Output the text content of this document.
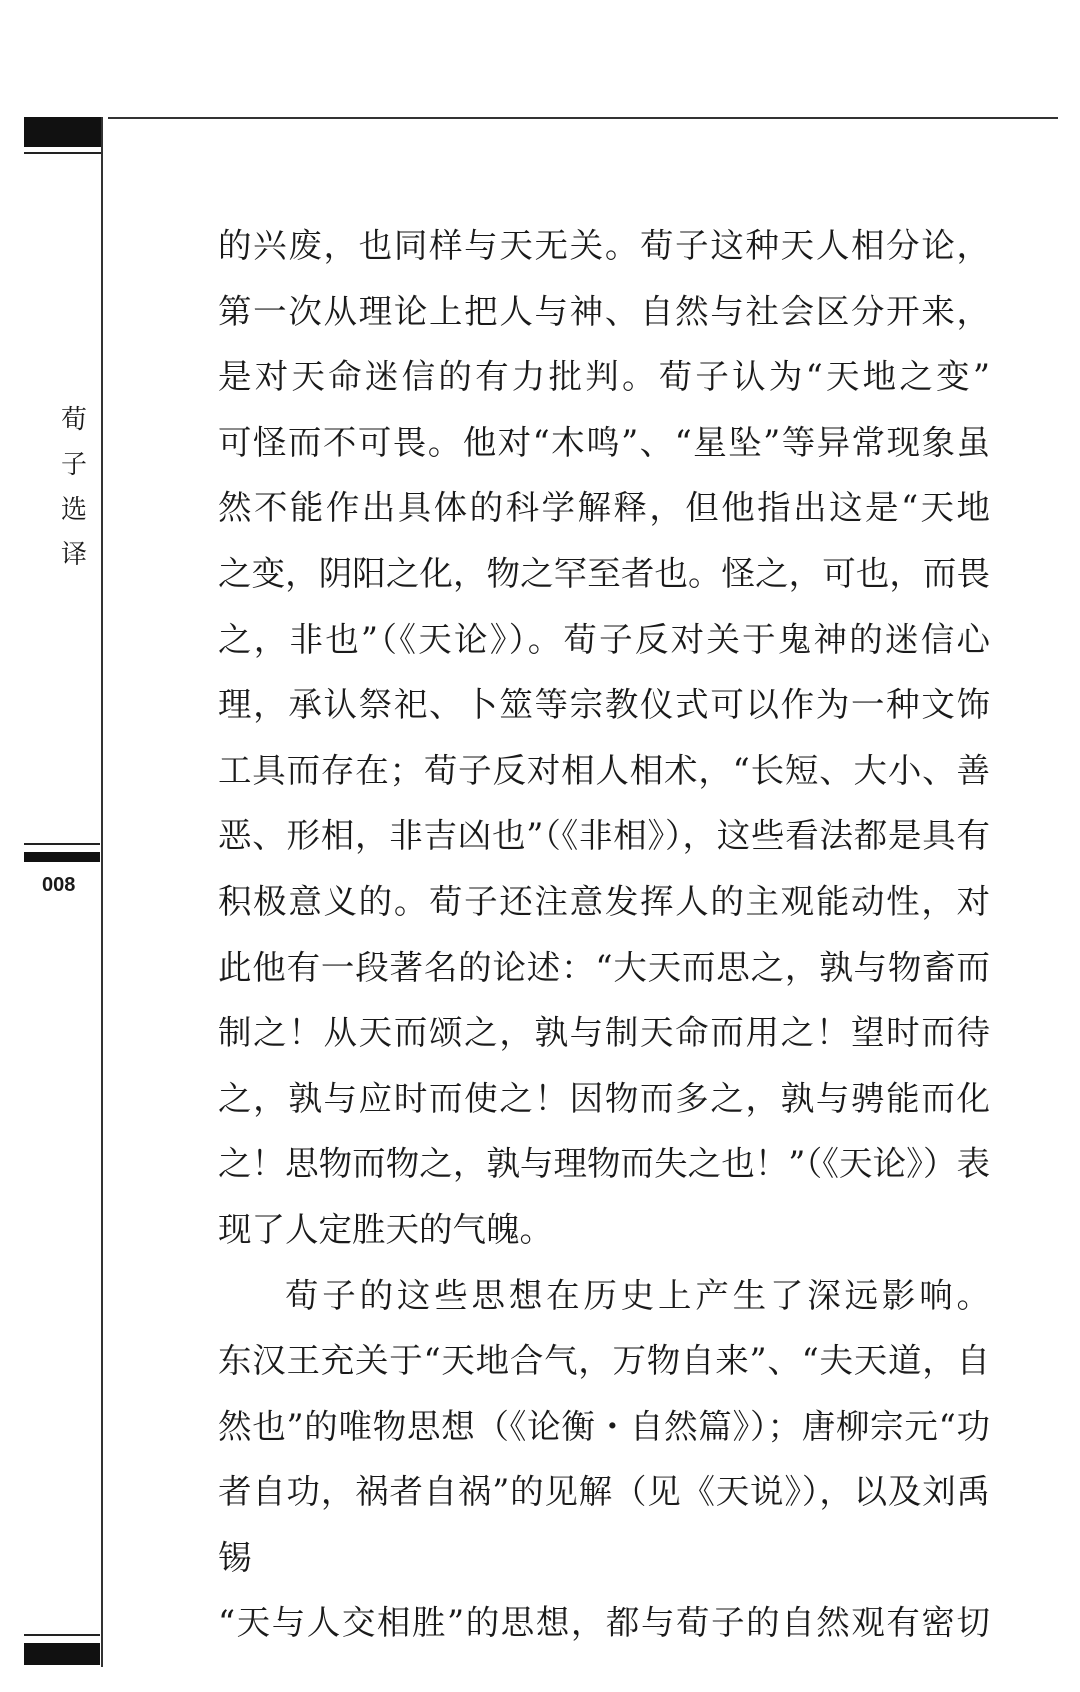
荀
子
选
译
008

的兴废，也同样与天无关。荀子这种天人相分论，

第一次从理论上把人与神、自然与社会区分开来，

是对天命迷信的有力批判。荀子认为“天地之变”

可怪而不可畏。他对“木鸣”、“星坠”等异常现象虽

然不能作出具体的科学解释，但他指出这是“天地

之变，阴阳之化，物之罕至者也。怪之，可也，而畏

之，非也”（《天论》）。荀子反对关于鬼神的迷信心

理，承认祭祀、卜筮等宗教仪式可以作为一种文饰

工具而存在；荀子反对相人相术，“长短、大小、善

恶、形相，非吉凶也”（《非相》），这些看法都是具有

积极意义的。荀子还注意发挥人的主观能动性，对

此他有一段著名的论述：“大天而思之，孰与物畜而

制之！从天而颂之，孰与制天命而用之！望时而待

之，孰与应时而使之！因物而多之，孰与骋能而化

之！思物而物之，孰与理物而失之也！”（《天论》）表

现了人定胜天的气魄。

荀子的这些思想在历史上产生了深远影响。

东汉王充关于“天地合气，万物自来”、“夫天道，自

然也”的唯物思想（《论衡・自然篇》）；唐柳宗元“功

者自功，祸者自祸”的见解（见《天说》），以及刘禹锡

“天与人交相胜”的思想，都与荀子的自然观有密切
